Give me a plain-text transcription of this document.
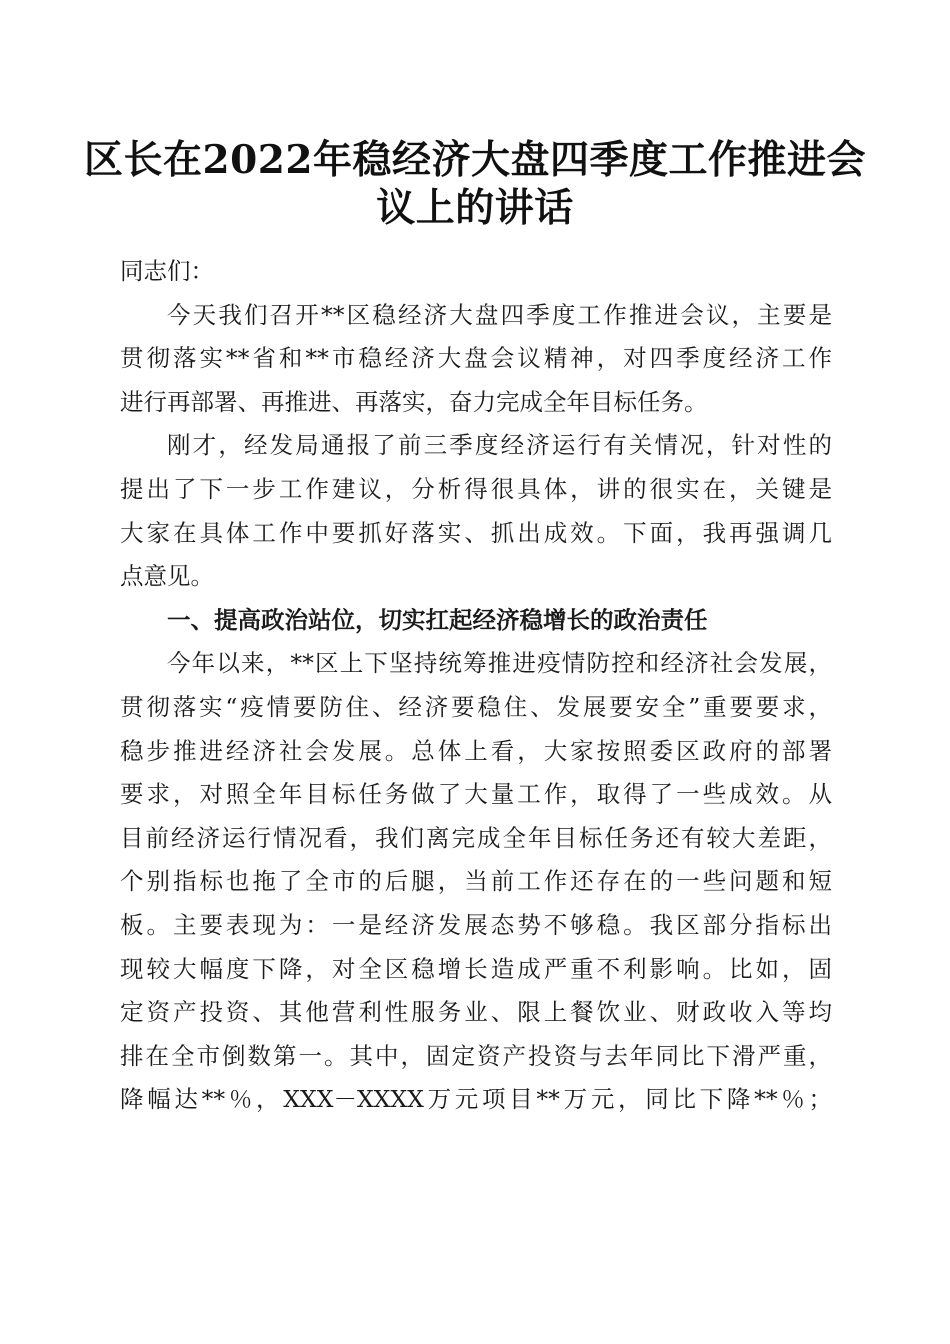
区长在2022年稳经济大盘四季度工作推进会
议上的讲话
同志们：
今天我们召开**区稳经济大盘四季度工作推进会议，主要是
贯彻落实**省和**市稳经济大盘会议精神，对四季度经济工作
进行再部署、再推进、再落实，奋力完成全年目标任务。
刚才，经发局通报了前三季度经济运行有关情况，针对性的
提出了下一步工作建议，分析得很具体，讲的很实在，关键是
大家在具体工作中要抓好落实、抓出成效。下面，我再强调几
点意见。
一、提高政治站位，切实扛起经济稳增长的政治责任
今年以来，**区上下坚持统筹推进疫情防控和经济社会发展，
贯彻落实“疫情要防住、经济要稳住、发展要安全”重要要求，
稳步推进经济社会发展。总体上看，大家按照委区政府的部署
要求，对照全年目标任务做了大量工作，取得了一些成效。从
目前经济运行情况看，我们离完成全年目标任务还有较大差距，
个别指标也拖了全市的后腿，当前工作还存在的一些问题和短
板。主要表现为：一是经济发展态势不够稳。我区部分指标出
现较大幅度下降，对全区稳增长造成严重不利影响。比如，固
定资产投资、其他营利性服务业、限上餐饮业、财政收入等均
排在全市倒数第一。其中，固定资产投资与去年同比下滑严重，
降幅达**％，XXX－XXXX万元项目**万元，同比下降**％；
